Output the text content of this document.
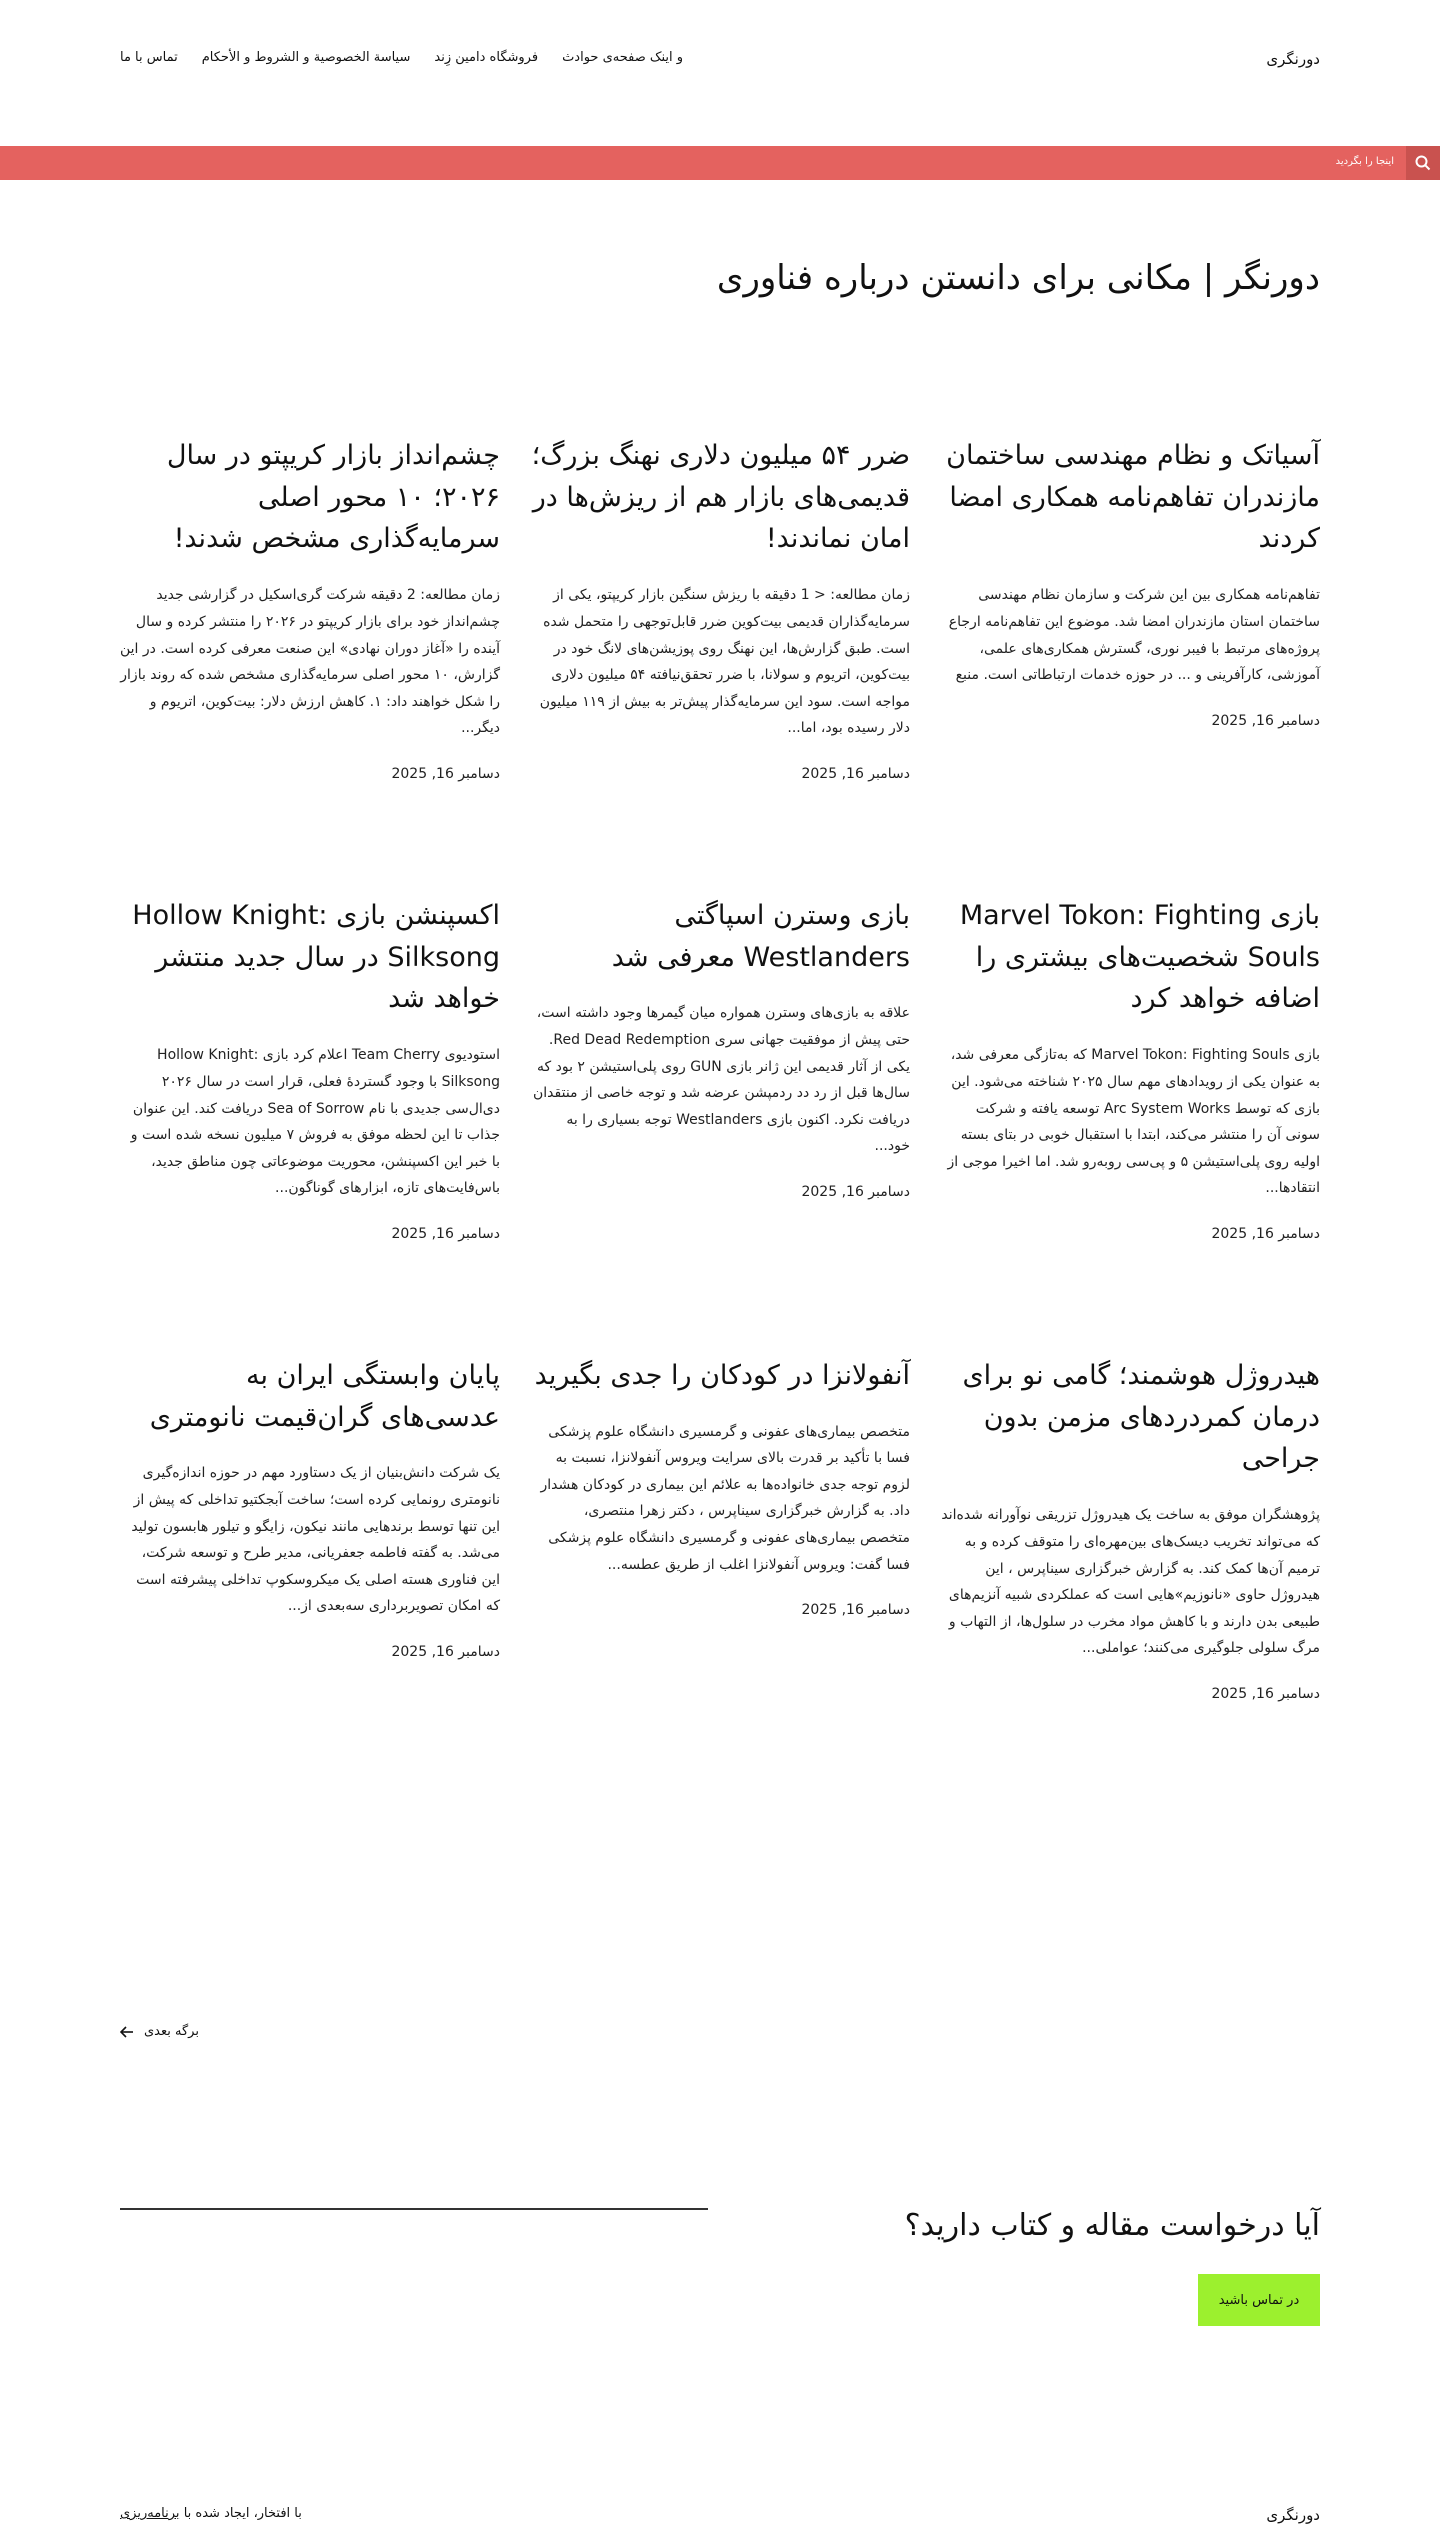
دورنگری
تماس با ما سیاسة الخصوصیة و الشروط و الأحکام فروشگاه دامین زِند و اینک صفحه‌ی حوادث
اینجا را بگردید
دورنگر | مکانی برای دانستن درباره فناوری
آسیاتک و نظام مهندسی ساختمان مازندران تفاهم‌نامه همکاری امضا کردند

تفاهم‌نامه همکاری بین این شرکت و سازمان نظام مهندسی ساختمان استان مازندران امضا شد. موضوع این تفاهم‌نامه ارجاع پروژه‌های مرتبط با فیبر نوری، گسترش همکاری‌های علمی، آموزشی، کارآفرینی و ... در حوزه خدمات ارتباطاتی است. منبع

دسامبر 16, 2025
ضرر ۵۴ میلیون دلاری نهنگ بزرگ؛ قدیمی‌های بازار هم از ریزش‌ها در امان نماندند!

زمان مطالعه: < 1 دقیقه با ریزش سنگین بازار کریپتو، یکی از سرمایه‌گذاران قدیمی بیت‌کوین ضرر قابل‌توجهی را متحمل شده است. طبق گزارش‌ها، این نهنگ روی پوزیشن‌های لانگ خود در بیت‌کوین، اتریوم و سولانا، با ضرر تحقق‌نیافته ۵۴ میلیون دلاری مواجه است. سود این سرمایه‌گذار پیش‌تر به بیش از ۱۱۹ میلیون دلار رسیده بود، اما...

دسامبر 16, 2025
چشم‌انداز بازار کریپتو در سال ۲۰۲۶؛ ۱۰ محور اصلی سرمایه‌گذاری مشخص شدند!

زمان مطالعه: 2 دقیقه شرکت گری‌اسکیل در گزارشی جدید چشم‌انداز خود برای بازار کریپتو در ۲۰۲۶ را منتشر کرده و سال آینده را «آغاز دوران نهادی» این صنعت معرفی کرده است. در این گزارش، ۱۰ محور اصلی سرمایه‌گذاری مشخص شده که روند بازار را شکل خواهند داد: ۱. کاهش ارزش دلار: بیت‌کوین، اتریوم و دیگر...

دسامبر 16, 2025
بازی Marvel Tokon: Fighting Souls شخصیت‌های بیشتری را اضافه خواهد کرد

بازی Marvel Tokon: Fighting Souls که به‌تازگی معرفی شد، به عنوان یکی از رویدادهای مهم سال ۲۰۲۵ شناخته می‌شود. این بازی که توسط Arc System Works توسعه یافته و شرکت سونی آن را منتشر می‌کند، ابتدا با استقبال خوبی در بتای بسته اولیه روی پلی‌استیشن ۵ و پی‌سی روبه‌رو شد. اما اخیرا موجی از انتقادها...

دسامبر 16, 2025
بازی وسترن اسپاگتی Westlanders معرفی شد

علاقه به بازی‌های وسترن همواره میان گیمرها وجود داشته است، حتی پیش از موفقیت جهانی سری Red Dead Redemption. یکی از آثار قدیمی این ژانر بازی GUN روی پلی‌استیشن ۲ بود که سال‌ها قبل از رد دد ردمپشن عرضه شد و توجه خاصی از منتقدان دریافت نکرد. اکنون بازی Westlanders توجه بسیاری را به خود...

دسامبر 16, 2025
اکسپنشن بازی Hollow Knight: Silksong در سال جدید منتشر خواهد شد

استودیوی Team Cherry اعلام کرد بازی Hollow Knight: Silksong با وجود گستردهٔ فعلی، قرار است در سال ۲۰۲۶ دی‌ال‌سی جدیدی با نام Sea of Sorrow دریافت کند. این عنوان جذاب تا این لحظه موفق به فروش ۷ میلیون نسخه شده است و با خبر این اکسپنشن، محوریت موضوعاتی چون مناطق جدید، باس‌فایت‌های تازه، ابزارهای گوناگون...

دسامبر 16, 2025
هیدروژل هوشمند؛ گامی نو برای درمان کمردردهای مزمن بدون جراحی

پژوهشگران موفق به ساخت یک هیدروژل تزریقی نوآورانه شده‌اند که می‌تواند تخریب دیسک‌های بین‌مهره‌ای را متوقف کرده و به ترمیم آن‌ها کمک کند. به گزارش خبرگزاری سیناپرس ، این هیدروژل حاوی «نانوزیم»هایی است که عملکردی شبیه آنزیم‌های طبیعی بدن دارند و با کاهش مواد مخرب در سلول‌ها، از التهاب و مرگ سلولی جلوگیری می‌کنند؛ عواملی...

دسامبر 16, 2025
آنفولانزا در کودکان را جدی بگیرید

متخصص بیماری‌های عفونی و گرمسیری دانشگاه علوم پزشکی فسا با تأکید بر قدرت بالای سرایت ویروس آنفولانزا، نسبت به لزوم توجه جدی خانواده‌ها به علائم این بیماری در کودکان هشدار داد. به گزارش خبرگزاری سیناپرس ، دکتر زهرا منتصری، متخصص بیماری‌های عفونی و گرمسیری دانشگاه علوم پزشکی فسا گفت: ویروس آنفولانزا اغلب از طریق عطسه...

دسامبر 16, 2025
پایان وابستگی ایران به عدسی‌های گران‌قیمت نانومتری

یک شرکت دانش‌بنیان از یک دستاورد مهم در حوزه اندازه‌گیری نانومتری رونمایی کرده است؛ ساخت آبجکتیو تداخلی که پیش از این تنها توسط برندهایی مانند نیکون، زایگو و تیلور هابسون تولید می‌شد. به گفته فاطمه جعفریانی، مدیر طرح و توسعه شرکت، این فناوری هسته اصلی یک میکروسکوپ تداخلی پیشرفته است که امکان تصویربرداری سه‌بعدی از...

دسامبر 16, 2025
برگه بعدی
آیا درخواست مقاله و کتاب دارید؟
در تماس باشید
دورنگری
با افتخار، ایجاد شده با برنامه‌ریزی
